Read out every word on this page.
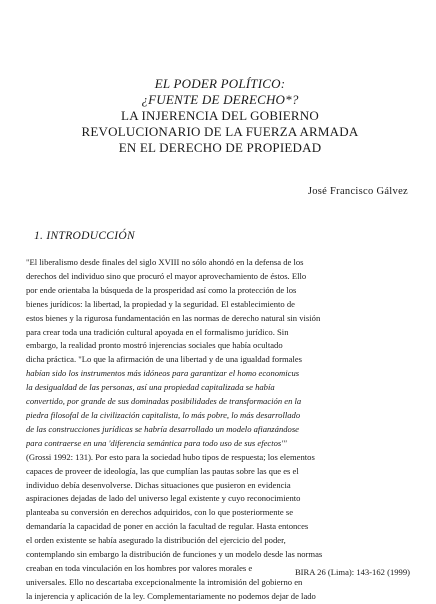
EL PODER POLÍTICO:
¿FUENTE DE DERECHO*?
LA INJERENCIA DEL GOBIERNO
REVOLUCIONARIO DE LA FUERZA ARMADA
EN EL DERECHO DE PROPIEDAD
José Francisco Gálvez
1. INTRODUCCIÓN
"El liberalismo desde finales del siglo XVIII no sólo ahondó en la defensa de los
derechos del individuo sino que procuró el mayor aprovechamiento de éstos. Ello
por ende orientaba la búsqueda de la prosperidad así como la protección de los
bienes jurídicos: la libertad, la propiedad y la seguridad. El establecimiento de
estos bienes y la rigurosa fundamentación en las normas de derecho natural sin visión
para crear toda una tradición cultural apoyada en el formalismo jurídico. Sin
embargo, la realidad pronto mostró injerencias sociales que había ocultado
dicha práctica. "Lo que la afirmación de una libertad y de una igualdad formales
habían sido los instrumentos más idóneos para garantizar el homo economicus
la desigualdad de las personas, así una propiedad capitalizada se había
convertido, por grande de sus dominadas posibilidades de transformación en la
piedra filosofal de la civilización capitalista, lo más pobre, lo más desarrollado
de las construcciones jurídicas se habría desarrollado un modelo afianzándose
para contraerse en una 'diferencia semántica para todo uso de sus efectos'"
(Grossi 1992: 131). Por esto para la sociedad hubo tipos de respuesta; los elementos
capaces de proveer de ideología, las que cumplían las pautas sobre las que es el
individuo debía desenvolverse. Dichas situaciones que pusieron en evidencia
aspiraciones dejadas de lado del universo legal existente y cuyo reconocimiento
planteaba su conversión en derechos adquiridos, con lo que posteriormente se
demandaría la capacidad de poner en acción la facultad de regular. Hasta entonces
el orden existente se había asegurado la distribución del ejercicio del poder,
contemplando sin embargo la distribución de funciones y un modelo desde las normas
creaban en toda vinculación en los hombres por valores morales e
universales. Ello no descartaba excepcionalmente la intromisión del gobierno en
la injerencia y aplicación de la ley. Complementariamente no podemos dejar de lado
BIRA 26 (Lima): 143-162 (1999)
